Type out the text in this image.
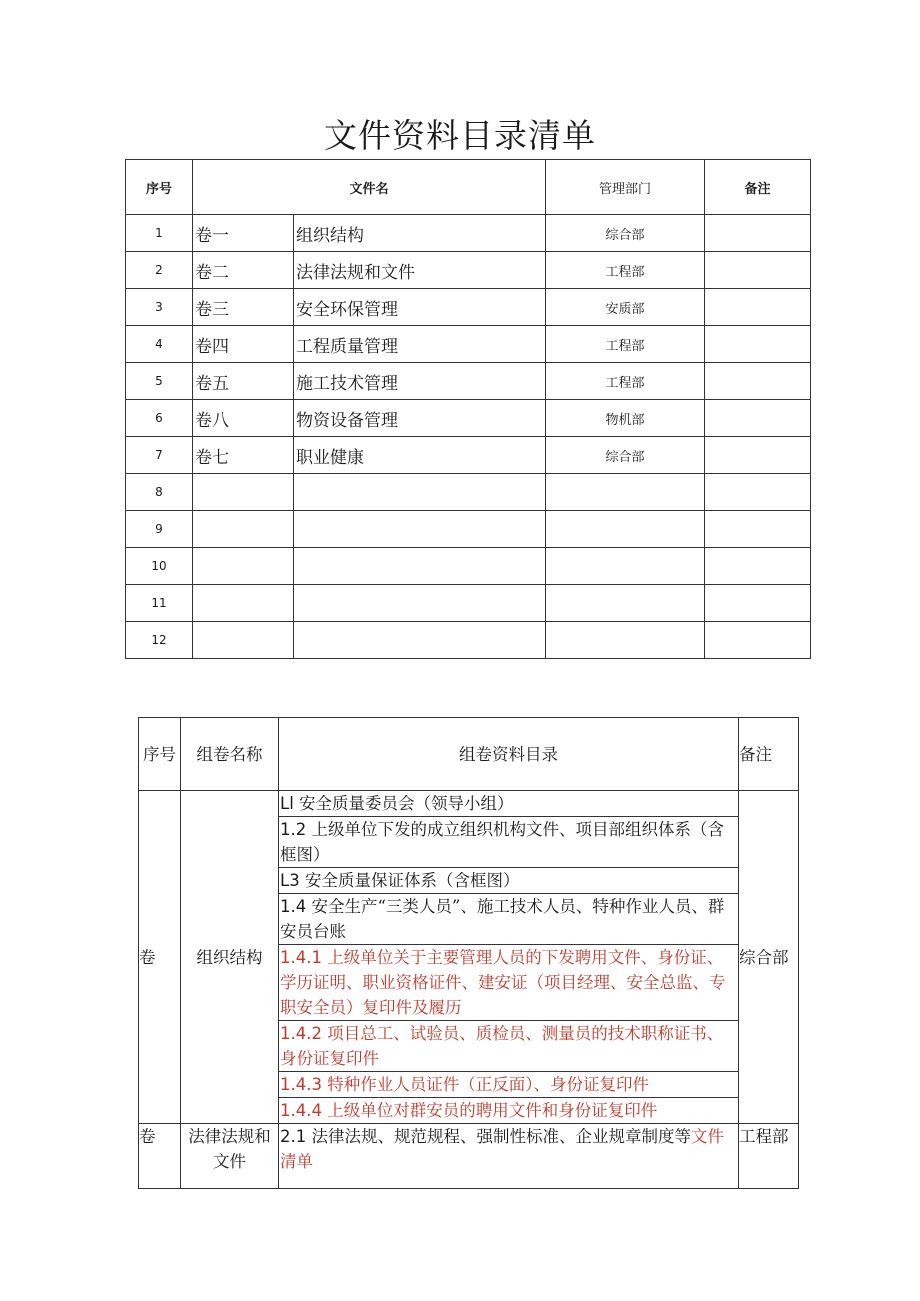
文件资料目录清单
序号	文件名		管理部门	备注
1	卷一	组织结构	综合部	
2	卷二	法律法规和文件	工程部	
3	卷三	安全环保管理	安质部	
4	卷四	工程质量管理	工程部	
5	卷五	施工技术管理	工程部	
6	卷八	物资设备管理	物机部	
7	卷七	职业健康	综合部	
8				
9				
10				
11				
12				
序号	组卷名称	组卷资料目录	备注
卷	组织结构	Ll 安全质量委员会（领导小组）	综合部
		1.2 上级单位下发的成立组织机构文件、项目部组织体系（含框图）	
		L3 安全质量保证体系（含框图）	
		1.4 安全生产“三类人员”、施工技术人员、特种作业人员、群安员台账	
		1.4.1 上级单位关于主要管理人员的下发聘用文件、身份证、学历证明、职业资格证件、建安证（项目经理、安全总监、专职安全员）复印件及履历	
		1.4.2 项目总工、试验员、质检员、测量员的技术职称证书、身份证复印件	
		1.4.3 特种作业人员证件（正反面）、身份证复印件	
		1.4.4 上级单位对群安员的聘用文件和身份证复印件	
卷	法律法规和文件	2.1 法律法规、规范规程、强制性标准、企业规章制度等文件清单	工程部
